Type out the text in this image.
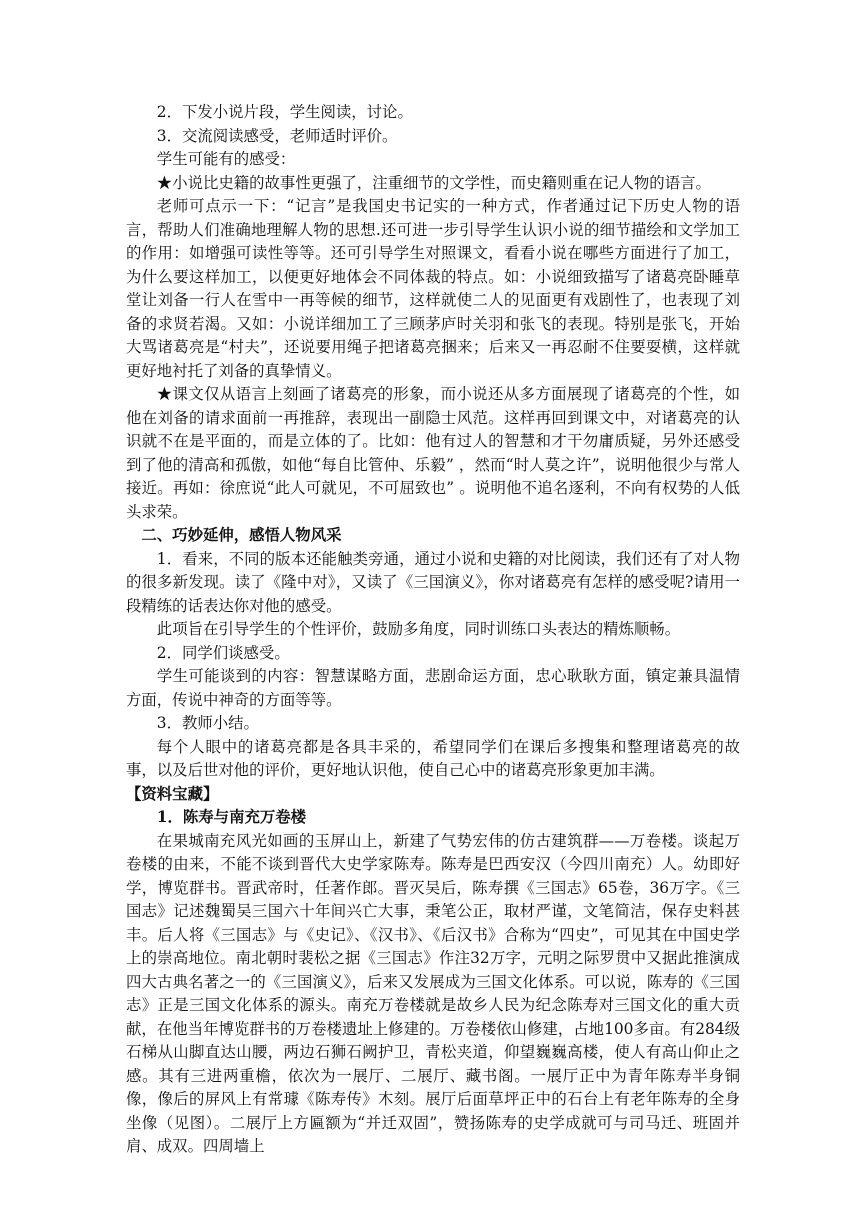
2．下发小说片段，学生阅读，讨论。

3．交流阅读感受，老师适时评价。

学生可能有的感受：

★小说比史籍的故事性更强了，注重细节的文学性，而史籍则重在记人物的语言。

老师可点示一下：“记言”是我国史书记实的一种方式，作者通过记下历史人物的语言，帮助人们准确地理解人物的思想.还可进一步引导学生认识小说的细节描绘和文学加工的作用：如增强可读性等等。还可引导学生对照课文，看看小说在哪些方面进行了加工，为什么要这样加工，以便更好地体会不同体裁的特点。如：小说细致描写了诸葛亮卧睡草堂让刘备一行人在雪中一再等候的细节，这样就使二人的见面更有戏剧性了，也表现了刘备的求贤若渴。又如：小说详细加工了三顾茅庐时关羽和张飞的表现。特别是张飞，开始大骂诸葛亮是“村夫”，还说要用绳子把诸葛亮捆来；后来又一再忍耐不住要耍横，这样就更好地衬托了刘备的真挚情义。

★课文仅从语言上刻画了诸葛亮的形象，而小说还从多方面展现了诸葛亮的个性，如他在刘备的请求面前一再推辞，表现出一副隐士风范。这样再回到课文中，对诸葛亮的认识就不在是平面的，而是立体的了。比如：他有过人的智慧和才干勿庸质疑，另外还感受到了他的清高和孤傲，如他“每自比管仲、乐毅” ，然而“时人莫之许”，说明他很少与常人接近。再如：徐庶说“此人可就见，不可屈致也” 。说明他不追名逐利，不向有权势的人低头求荣。

二、巧妙延伸，感悟人物风采

1．看来，不同的版本还能触类旁通，通过小说和史籍的对比阅读，我们还有了对人物的很多新发现。读了《隆中对》，又读了《三国演义》，你对诸葛亮有怎样的感受呢?请用一段精练的话表达你对他的感受。

此项旨在引导学生的个性评价，鼓励多角度，同时训练口头表达的精炼顺畅。

2．同学们谈感受。

学生可能谈到的内容：智慧谋略方面，悲剧命运方面，忠心耿耿方面，镇定兼具温情方面，传说中神奇的方面等等。

3．教师小结。

每个人眼中的诸葛亮都是各具丰采的，希望同学们在课后多搜集和整理诸葛亮的故事，以及后世对他的评价，更好地认识他，使自己心中的诸葛亮形象更加丰满。

【资料宝藏】

1．陈寿与南充万卷楼

在果城南充风光如画的玉屏山上，新建了气势宏伟的仿古建筑群——万卷楼。谈起万卷楼的由来，不能不谈到晋代大史学家陈寿。陈寿是巴西安汉（今四川南充）人。幼即好学，博览群书。晋武帝时，任著作郎。晋灭吴后，陈寿撰《三国志》65卷，36万字。《三国志》记述魏蜀吴三国六十年间兴亡大事，秉笔公正，取材严谨，文笔简洁，保存史料甚丰。后人将《三国志》与《史记》、《汉书》、《后汉书》合称为“四史”，可见其在中国史学上的崇高地位。南北朝时裴松之据《三国志》作注32万字，元明之际罗贯中又据此推演成四大古典名著之一的《三国演义》，后来又发展成为三国文化体系。可以说，陈寿的《三国志》正是三国文化体系的源头。南充万卷楼就是故乡人民为纪念陈寿对三国文化的重大贡献，在他当年博览群书的万卷楼遗址上修建的。万卷楼依山修建，占地100多亩。有284级石梯从山脚直达山腰，两边石狮石阙护卫，青松夹道，仰望巍巍高楼，使人有高山仰止之感。其有三进两重檐，依次为一展厅、二展厅、藏书阁。一展厅正中为青年陈寿半身铜像，像后的屏风上有常璩《陈寿传》木刻。展厅后面草坪正中的石台上有老年陈寿的全身坐像（见图）。二展厅上方匾额为“并迁双固”，赞扬陈寿的史学成就可与司马迁、班固并肩、成双。四周墙上
